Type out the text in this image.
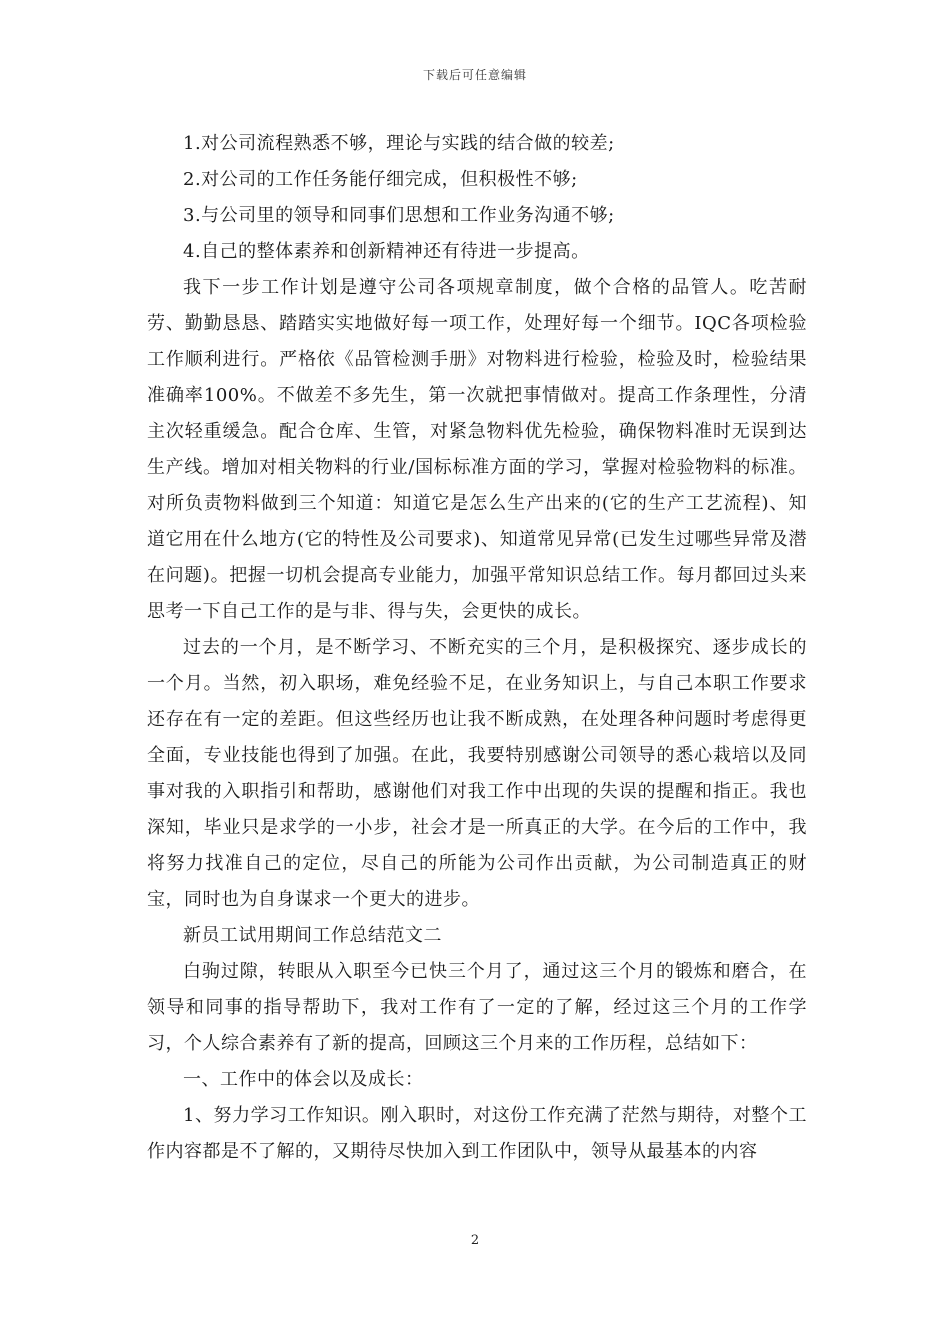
下载后可任意编辑

1.对公司流程熟悉不够，理论与实践的结合做的较差;

2.对公司的工作任务能仔细完成，但积极性不够;

3.与公司里的领导和同事们思想和工作业务沟通不够;

4.自己的整体素养和创新精神还有待进一步提高。

我下一步工作计划是遵守公司各项规章制度，做个合格的品管人。吃苦耐劳、勤勤恳恳、踏踏实实地做好每一项工作，处理好每一个细节。IQC各项检验工作顺利进行。严格依《品管检测手册》对物料进行检验，检验及时，检验结果准确率100%。不做差不多先生，第一次就把事情做对。提高工作条理性，分清主次轻重缓急。配合仓库、生管，对紧急物料优先检验，确保物料准时无误到达生产线。增加对相关物料的行业/国标标准方面的学习，掌握对检验物料的标准。对所负责物料做到三个知道：知道它是怎么生产出来的(它的生产工艺流程)、知道它用在什么地方(它的特性及公司要求)、知道常见异常(已发生过哪些异常及潜在问题)。把握一切机会提高专业能力，加强平常知识总结工作。每月都回过头来思考一下自己工作的是与非、得与失，会更快的成长。

过去的一个月，是不断学习、不断充实的三个月，是积极探究、逐步成长的一个月。当然，初入职场，难免经验不足，在业务知识上，与自己本职工作要求还存在有一定的差距。但这些经历也让我不断成熟，在处理各种问题时考虑得更全面，专业技能也得到了加强。在此，我要特别感谢公司领导的悉心栽培以及同事对我的入职指引和帮助，感谢他们对我工作中出现的失误的提醒和指正。我也深知，毕业只是求学的一小步，社会才是一所真正的大学。在今后的工作中，我将努力找准自己的定位，尽自己的所能为公司作出贡献，为公司制造真正的财宝，同时也为自身谋求一个更大的进步。

新员工试用期间工作总结范文二

白驹过隙，转眼从入职至今已快三个月了，通过这三个月的锻炼和磨合，在领导和同事的指导帮助下，我对工作有了一定的了解，经过这三个月的工作学习，个人综合素养有了新的提高，回顾这三个月来的工作历程，总结如下：

一、工作中的体会以及成长：

1、努力学习工作知识。刚入职时，对这份工作充满了茫然与期待，对整个工作内容都是不了解的，又期待尽快加入到工作团队中，领导从最基本的内容

2
